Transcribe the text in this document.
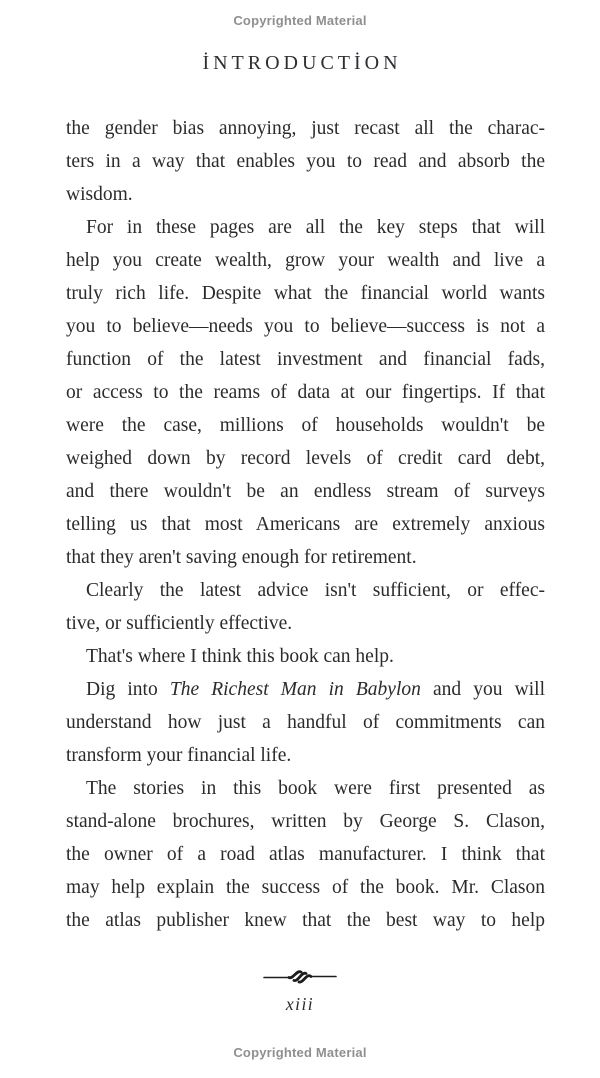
Copyrighted Material
İNTRODUCTİON
the gender bias annoying, just recast all the charac-
ters in a way that enables you to read and absorb the
wisdom.
For in these pages are all the key steps that will
help you create wealth, grow your wealth and live a
truly rich life. Despite what the financial world wants
you to believe—needs you to believe—success is not a
function of the latest investment and financial fads,
or access to the reams of data at our fingertips. If that
were the case, millions of households wouldn't be
weighed down by record levels of credit card debt,
and there wouldn't be an endless stream of surveys
telling us that most Americans are extremely anxious
that they aren't saving enough for retirement.
Clearly the latest advice isn't sufficient, or effec-
tive, or sufficiently effective.
That's where I think this book can help.
Dig into The Richest Man in Babylon and you will
understand how just a handful of commitments can
transform your financial life.
The stories in this book were first presented as
stand-alone brochures, written by George S. Clason,
the owner of a road atlas manufacturer. I think that
may help explain the success of the book. Mr. Clason
the atlas publisher knew that the best way to help
xiii
Copyrighted Material
